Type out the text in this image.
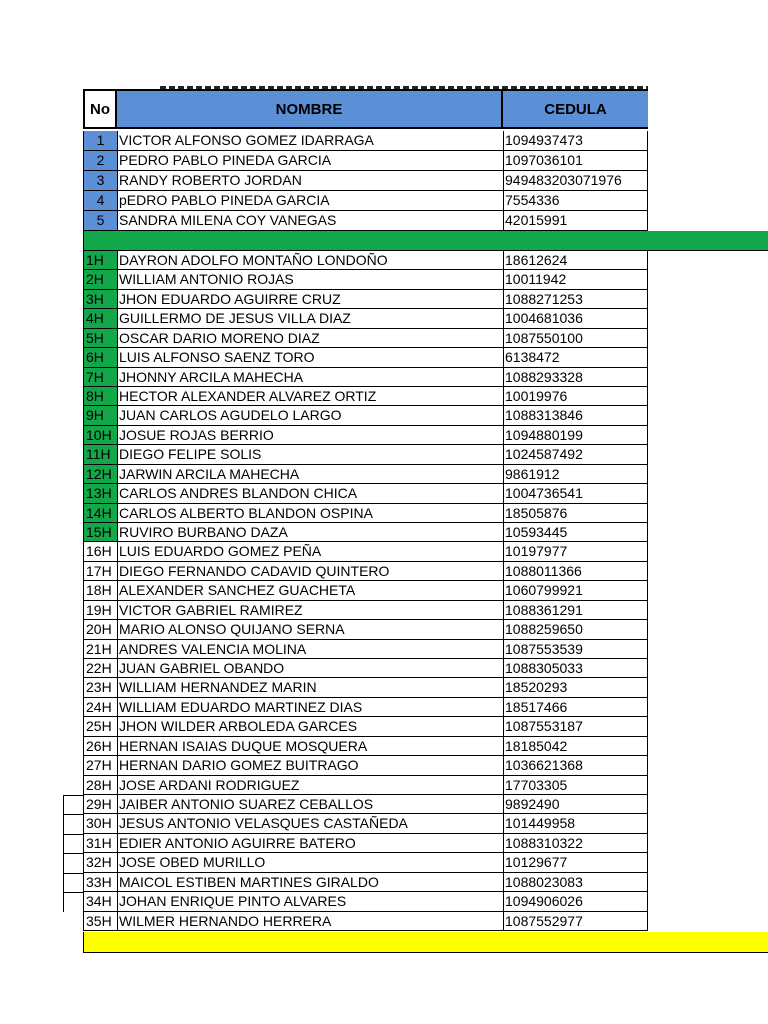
No	NOMBRE	CEDULA
1	VICTOR ALFONSO GOMEZ IDARRAGA	1094937473
2	PEDRO PABLO PINEDA GARCIA	1097036101
3	RANDY ROBERTO JORDAN	949483203071976
4	pEDRO PABLO PINEDA GARCIA	7554336
5	SANDRA MILENA COY VANEGAS	42015991
1H	DAYRON ADOLFO MONTAÑO LONDOÑO	18612624
2H	WILLIAM ANTONIO ROJAS	10011942
3H	JHON EDUARDO AGUIRRE CRUZ	1088271253
4H	GUILLERMO DE JESUS VILLA DIAZ	1004681036
5H	OSCAR DARIO MORENO DIAZ	1087550100
6H	LUIS ALFONSO SAENZ TORO	6138472
7H	JHONNY ARCILA MAHECHA	1088293328
8H	HECTOR ALEXANDER ALVAREZ ORTIZ	10019976
9H	JUAN CARLOS AGUDELO LARGO	1088313846
10H JOSUE ROJAS BERRIO	1094880199
11H DIEGO FELIPE SOLIS	1024587492
12H JARWIN ARCILA MAHECHA	9861912
13H CARLOS ANDRES BLANDON CHICA	1004736541
14H CARLOS ALBERTO BLANDON OSPINA	18505876
15H RUVIRO BURBANO DAZA	10593445
16H LUIS EDUARDO GOMEZ PEÑA	10197977
17H DIEGO FERNANDO CADAVID QUINTERO	1088011366
18H ALEXANDER SANCHEZ GUACHETA	1060799921
19H VICTOR GABRIEL RAMIREZ	1088361291
20H MARIO ALONSO QUIJANO SERNA	1088259650
21H ANDRES VALENCIA MOLINA	1087553539
22H JUAN GABRIEL OBANDO	1088305033
23H WILLIAM HERNANDEZ MARIN	18520293
24H WILLIAM EDUARDO MARTINEZ DIAS	18517466
25H JHON WILDER ARBOLEDA GARCES	1087553187
26H HERNAN ISAIAS DUQUE MOSQUERA	18185042
27H HERNAN DARIO GOMEZ BUITRAGO	1036621368
28H JOSE ARDANI RODRIGUEZ	17703305
29H JAIBER ANTONIO SUAREZ CEBALLOS	9892490
30H JESUS ANTONIO VELASQUES CASTAÑEDA	101449958
31H EDIER ANTONIO AGUIRRE BATERO	1088310322
32H JOSE OBED MURILLO	10129677
33H MAICOL ESTIBEN MARTINES GIRALDO	1088023083
34H JOHAN ENRIQUE PINTO ALVARES	1094906026
35H WILMER HERNANDO HERRERA	1087552977
